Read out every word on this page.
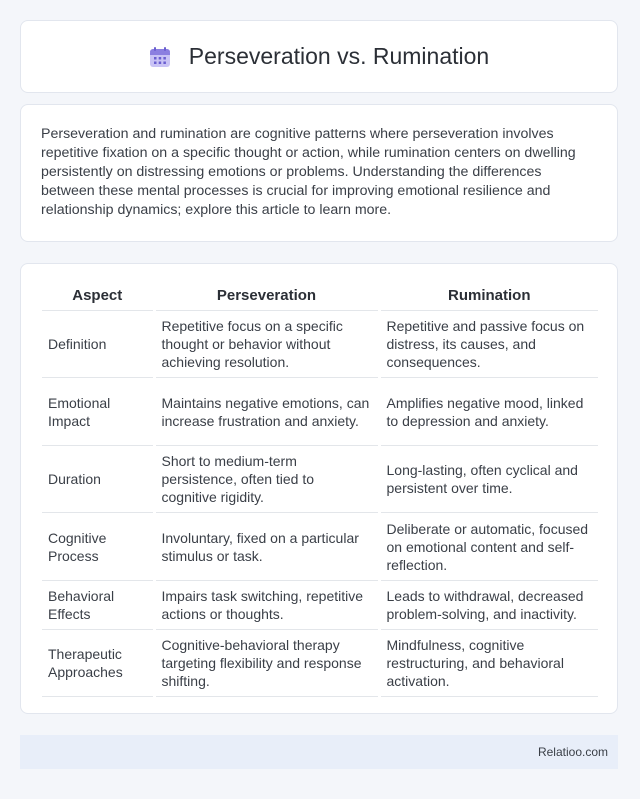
Perseveration vs. Rumination

Perseveration and rumination are cognitive patterns where perseveration involves repetitive fixation on a specific thought or action, while rumination centers on dwelling persistently on distressing emotions or problems. Understanding the differences between these mental processes is crucial for improving emotional resilience and relationship dynamics; explore this article to learn more.

Aspect	Perseveration	Rumination
Definition	Repetitive focus on a specific thought or behavior without achieving resolution.	Repetitive and passive focus on distress, its causes, and consequences.
Emotional Impact	Maintains negative emotions, can increase frustration and anxiety.	Amplifies negative mood, linked to depression and anxiety.
Duration	Short to medium-term persistence, often tied to cognitive rigidity.	Long-lasting, often cyclical and persistent over time.
Cognitive Process	Involuntary, fixed on a particular stimulus or task.	Deliberate or automatic, focused on emotional content and self-reflection.
Behavioral Effects	Impairs task switching, repetitive actions or thoughts.	Leads to withdrawal, decreased problem-solving, and inactivity.
Therapeutic Approaches	Cognitive-behavioral therapy targeting flexibility and response shifting.	Mindfulness, cognitive restructuring, and behavioral activation.
Relatioo.com
